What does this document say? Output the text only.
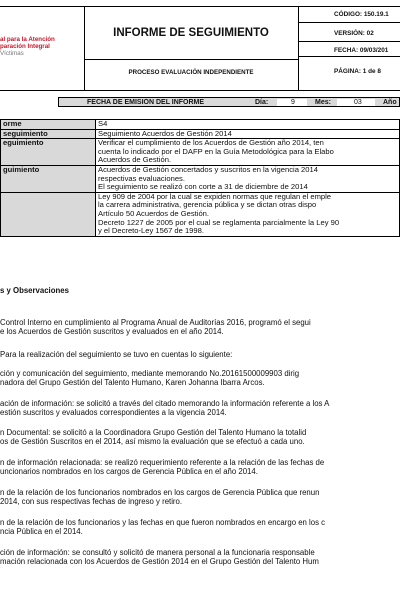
al para la Atención
paración Integral
Víctimas
INFORME DE SEGUIMIENTO
PROCESO EVALUACIÓN INDEPENDIENTE
CÓDIGO: 150.19.1
VERSIÓN: 02
FECHA: 09/03/201
PÁGINA: 1 de 8
FECHA DE EMISIÓN DEL INFORME	Día:	9	Mes:	03	Año
orme	S4

seguimiento	Seguimiento Acuerdos de Gestión 2014

eguimiento	Verificar el cumplimiento de los Acuerdos de Gestión año 2014, ten
cuenta lo indicado por el DAFP en la Guía Metodológica para la Elabo
Acuerdos de Gestión.

guimiento	Acuerdos de Gestión concertados y suscritos en la vigencia 2014
respectivas evaluaciones.
El seguimiento se realizó con corte a 31 de diciembre de 2014

	Ley 909 de 2004 por la cual se expiden normas que regulan el emple
la carrera administrativa, gerencia pública y se dictan otras dispo
Artículo 50 Acuerdos de Gestión.
Decreto 1227 de 2005 por el cual se reglamenta parcialmente la Ley 90
y el Decreto-Ley 1567 de 1998.
s y Observaciones
Control Interno en cumplimiento al Programa Anual de Auditorías 2016, programó el segui
e los Acuerdos de Gestión suscritos y evaluados en el año 2014.
Para la realización del seguimiento se tuvo en cuentas lo siguiente:
ción y comunicación del seguimiento, mediante memorando No.20161500009903 dirig
nadora del Grupo Gestión del Talento Humano, Karen Johanna Ibarra Arcos.
ación de información: se solicitó a través del citado memorando la información referente a los A
estión suscritos y evaluados correspondientes a la vigencia 2014.
n Documental: se solicitó a la Coordinadora Grupo Gestión del Talento Humano la totalid
os de Gestión Suscritos en el 2014, así mismo la evaluación que se efectuó a cada uno.
n de información relacionada: se realizó requerimiento referente a la relación de las fechas de
uncionarios nombrados en los cargos de Gerencia Pública en el año 2014.
n de la relación de los funcionarios nombrados en los cargos de Gerencia Pública que renun
2014, con sus respectivas fechas de ingreso y retiro.
n de la relación de los funcionarios y las fechas en que fueron nombrados en encargo en los c
ncia Pública en el 2014.
ción de información: se consultó y solicitó de manera personal a la funcionaria responsable
mación relacionada con los Acuerdos de Gestión 2014 en el Grupo Gestión del Talento Hum
